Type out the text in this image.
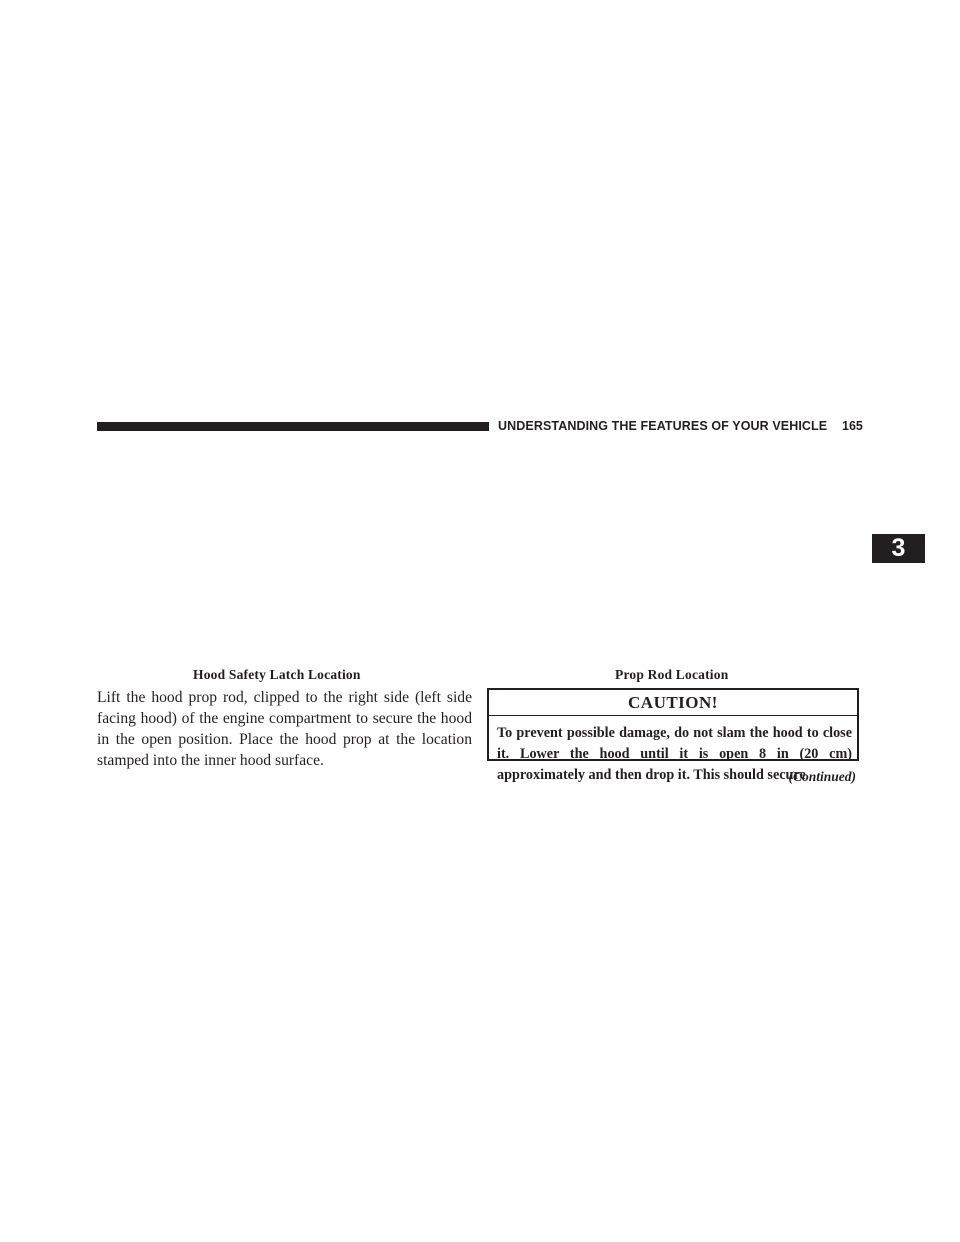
UNDERSTANDING THE FEATURES OF YOUR VEHICLE 165
3
Hood Safety Latch Location	Prop Rod Location
Lift the hood prop rod, clipped to the right side (left side facing hood) of the engine compartment to secure the hood in the open position. Place the hood prop at the location stamped into the inner hood surface.
CAUTION!
To prevent possible damage, do not slam the hood to close it. Lower the hood until it is open 8 in (20 cm) approximately and then drop it. This should secure
(Continued)
